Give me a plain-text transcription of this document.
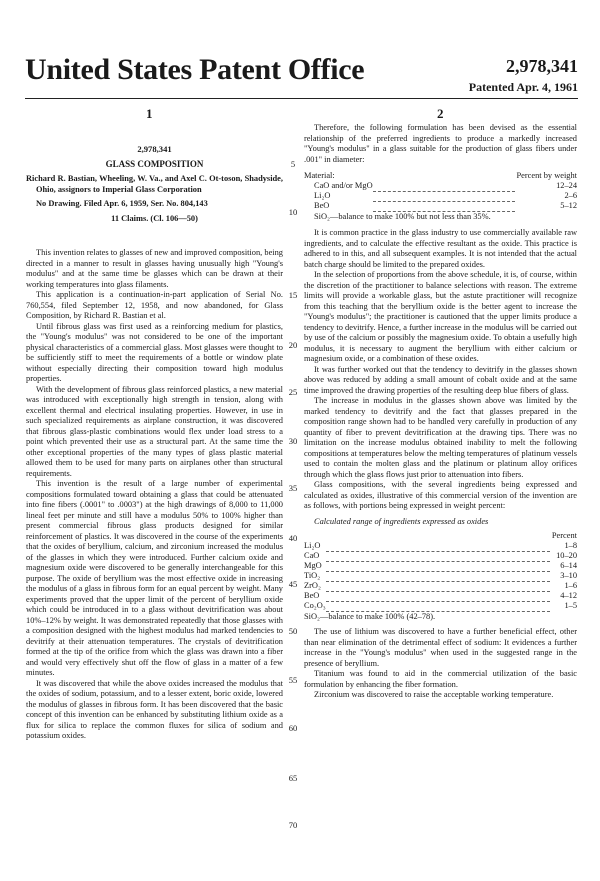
United States Patent Office	2,978,341
Patented Apr. 4, 1961
1	2
2,978,341
GLASS COMPOSITION
Richard R. Bastian, Wheeling, W. Va., and Axel C. Ot-toson, Shadyside, Ohio, assignors to Imperial Glass Corporation
No Drawing. Filed Apr. 6, 1959, Ser. No. 804,143
11 Claims. (Cl. 106—50)

This invention relates to glasses of new and improved composition, being directed in a manner to result in glasses having unusually high "Young's modulus" and at the same time be glasses which can be drawn at their working temperatures into glass filaments.

This application is a continuation-in-part application of Serial No. 760,554, filed September 12, 1958, and now abandoned, for Glass Composition, by Richard R. Bastian et al.

Until fibrous glass was first used as a reinforcing medium for plastics, the "Young's modulus" was not considered to be one of the important physical characteristics of a commercial glass. Most glasses were thought to be sufficiently stiff to meet the requirements of a bottle or window plate without especially directing their composition toward high modulus properties.

With the development of fibrous glass reinforced plastics, a new material was introduced with exceptionally high strength in tension, along with excellent thermal and electrical insulating properties. However, in use in such specialized requirements as airplane construction, it was discovered that fibrous glass-plastic combinations would flex under load stress to a point which prevented their use as a structural part. At the same time the other exceptional properties of the many types of glass plastic material allowed them to be used for many parts on airplanes other than structural requirements.

This invention is the result of a large number of experimental compositions formulated toward obtaining a glass that could be attenuated into fine fibers (.0001" to .0003") at the high drawings of 8,000 to 11,000 lineal feet per minute and still have a modulus 50% to 100% higher than present commercial fibrous glass products designed for similar reinforcement of plastics. It was discovered in the course of the experiments that the oxides of beryllium, calcium, and zirconium increased the modulus of the glasses in which they were introduced. Further calcium oxide and magnesium oxide were discovered to be generally interchangeable for this purpose. The oxide of beryllium was the most effective oxide in increasing the modulus of a glass in fibrous form for an equal percent by weight. Many experiments proved that the upper limit of the percent of beryllium oxide which could be introduced in to a glass without devitrification was about 10%–12% by weight. It was demonstrated repeatedly that those glasses with a composition designed with the highest modulus had marked tendencies to devitrify at their attenuation temperatures. The crystals of devitrification formed at the tip of the orifice from which the glass was drawn into a fiber and would very effectively shut off the flow of glass in a matter of a few minutes.

It was discovered that while the above oxides increased the modulus that the oxides of sodium, potassium, and to a lesser extent, boric oxide, lowered the modulus of glasses in fibrous form. It has been discovered that the basic concept of this invention can be enhanced by substituting lithium oxide as a flux for silica to replace the common fluxes for silica of sodium and potassium oxides.

5
10
15
20
25
30
35
40
45
50
55
60
65
70

Therefore, the following formulation has been devised as the essential relationship of the preferred ingredients to produce a markedly increased "Young's modulus" in a glass suitable for the production of glass fibers under .001" in diameter:

Material:		Percent by weight
CaO and/or MgO		12–24
Li₂O		2–6
BeO		5–12
SiO₂—balance to make 100% but not less than 35%.

It is common practice in the glass industry to use commercially available raw ingredients, and to calculate the effective resultant as the oxide. This practice is adhered to in this, and all subsequent examples. It is not intended that the actual batch charge should be limited to the prepared oxides.

In the selection of proportions from the above schedule, it is, of course, within the discretion of the practitioner to balance selections with reason. The extreme limits will provide a workable glass, but the astute practitioner will recognize from this teaching that the beryllium oxide is the better agent to increase the "Young's modulus"; the practitioner is cautioned that the upper limits produce a tendency to devitrify. Hence, a further increase in the modulus will be carried out by use of the calcium or possibly the magnesium oxide. To obtain a usefully high modulus, it is necessary to augment the beryllium with either calcium or magnesium oxide, or a combination of these oxides.

It was further worked out that the tendency to devitrify in the glasses shown above was reduced by adding a small amount of cobalt oxide and at the same time improved the drawing properties of the resulting deep blue fibers of glass.

The increase in modulus in the glasses shown above was limited by the marked tendency to devitrify and the fact that glasses prepared in the composition range shown had to be handled very carefully in production of any quantity of fiber to prevent devitrification at the drawing tips. There was no limitation on the increase modulus obtained inability to melt the following compositions at temperatures below the melting temperatures of platinum vessels used to contain the molten glass and the platinum or platinum alloy orifices through which the glass flows just prior to attenuation into fibers.

Glass compositions, with the several ingredients being expressed and calculated as oxides, illustrative of this commercial version of the invention are as follows, with portions being expressed in weight percent:

Calculated range of ingredients expressed as oxides
		Percent
Li₂O		1–8
CaO		10–20
MgO		6–14
TiO₂		3–10
ZrO₂		1–6
BeO		4–12
Co₂O₃		1–5
SiO₂—balance to make 100% (42–78).

The use of lithium was discovered to have a further beneficial effect, other than near elimination of the detrimental effect of sodium: It evidences a further increase in the "Young's modulus" when used in the suggested range in the presence of beryllium.

Titanium was found to aid in the commercial utilization of the basic formulation by enhancing the fiber formation.

Zirconium was discovered to raise the acceptable working temperature.
